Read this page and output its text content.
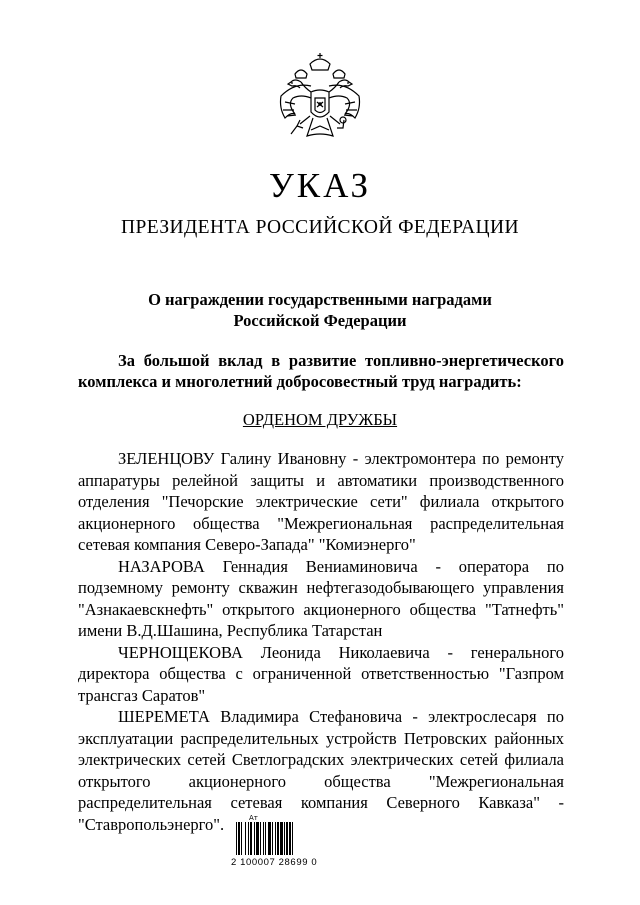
УКАЗ
ПРЕЗИДЕНТА РОССИЙСКОЙ ФЕДЕРАЦИИ
О награждении государственными наградами
Российской Федерации
За большой вклад в развитие топливно-энергетического комплекса и многолетний добросовестный труд наградить:
ОРДЕНОМ ДРУЖБЫ

ЗЕЛЕНЦОВУ Галину Ивановну - электромонтера по ремонту аппаратуры релейной защиты и автоматики производственного отделения "Печорские электрические сети" филиала открытого акционерного общества "Межрегиональная распределительная сетевая компания Северо-Запада" "Комиэнерго"

НАЗАРОВА Геннадия Вениаминовича - оператора по подземному ремонту скважин нефтегазодобывающего управления "Азнакаевскнефть" открытого акционерного общества "Татнефть" имени В.Д.Шашина, Республика Татарстан

ЧЕРНОЩЕКОВА Леонида Николаевича - генерального директора общества с ограниченной ответственностью "Газпром трансгаз Саратов"

ШЕРЕМЕТА Владимира Стефановича - электрослесаря по эксплуатации распределительных устройств Петровских районных электрических сетей Светлоградских электрических сетей филиала открытого акционерного общества "Межрегиональная распределительная сетевая компания Северного Кавказа" - "Ставропольэнерго".	Ат
2 100007 28699 0
